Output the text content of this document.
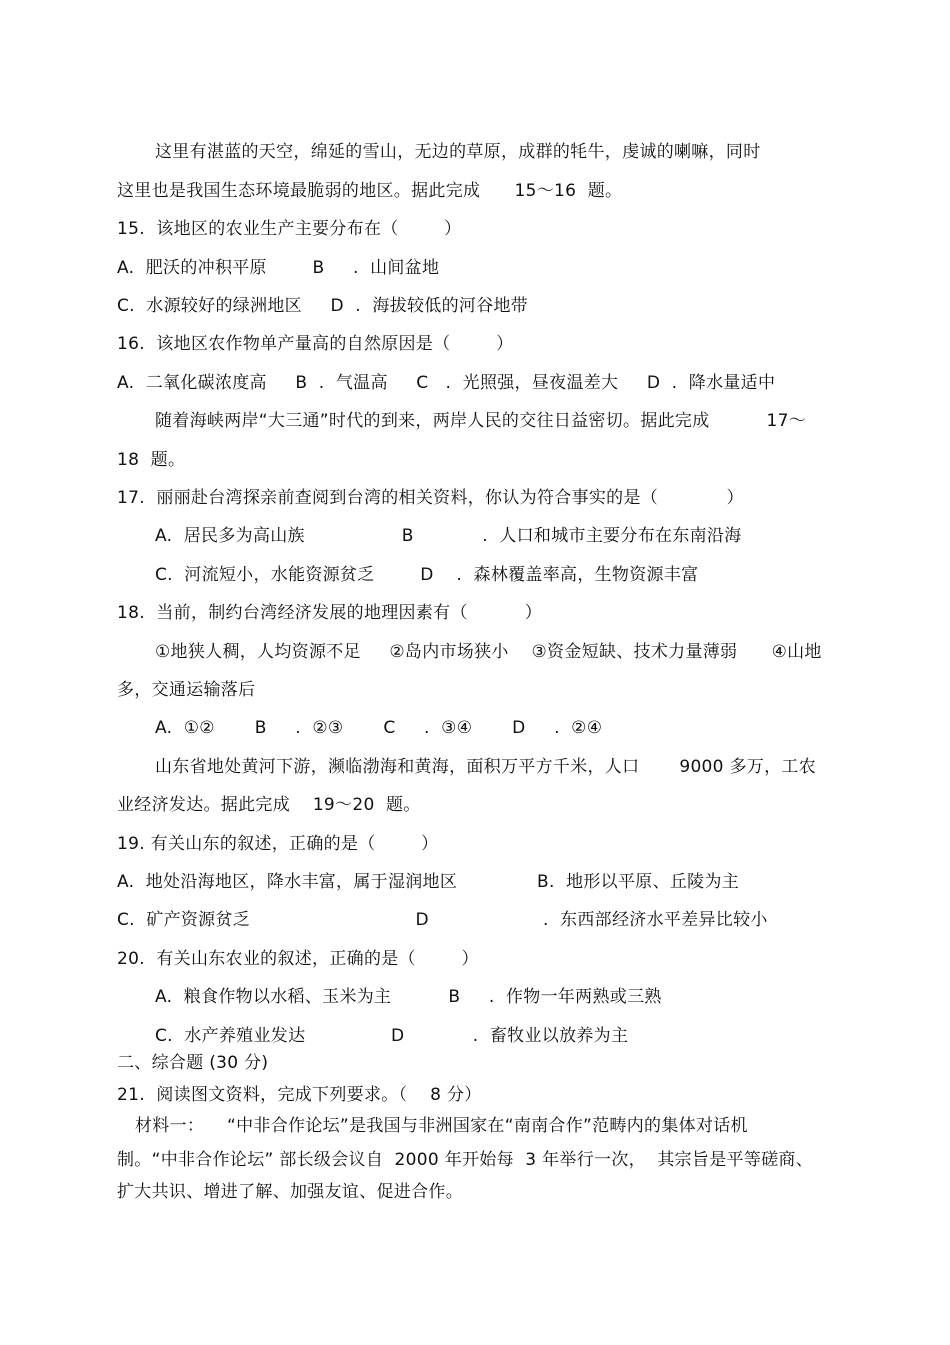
这里有湛蓝的天空，绵延的雪山，无边的草原，成群的牦牛，虔诚的喇嘛，同时
这里也是我国生态环境最脆弱的地区。据此完成      15～16  题。
15.  该地区的农业生产主要分布在（        ）
A.  肥沃的冲积平原        B     .  山间盆地
C.  水源较好的绿洲地区     D  .  海拔较低的河谷地带
16.  该地区农作物单产量高的自然原因是（        ）
A.  二氧化碳浓度高     B  .  气温高     C   .  光照强，昼夜温差大     D  .  降水量适中
随着海峡两岸“大三通”时代的到来，两岸人民的交往日益密切。据此完成          17～
18  题。
17.  丽丽赴台湾探亲前查阅到台湾的相关资料，你认为符合事实的是（            ）
A.  居民多为高山族                 B            .  人口和城市主要分布在东南沿海
C.  河流短小，水能资源贫乏        D    .  森林覆盖率高，生物资源丰富
18.  当前，制约台湾经济发展的地理因素有（          ）
①地狭人稠，人均资源不足     ②岛内市场狭小    ③资金短缺、技术力量薄弱      ④山地
多，交通运输落后
A.  ①②       B     .  ②③       C     .  ③④       D     .  ②④
山东省地处黄河下游，濒临渤海和黄海，面积万平方千米，人口       9000 多万，工农
业经济发达。据此完成    19～20  题。
19. 有关山东的叙述，正确的是（        ）
A.  地处沿海地区，降水丰富，属于湿润地区              B.  地形以平原、丘陵为主
C.  矿产资源贫乏                             D                    .  东西部经济水平差异比较小
20.  有关山东农业的叙述，正确的是（        ）
A.  粮食作物以水稻、玉米为主          B     .  作物一年两熟或三熟
C.  水产养殖业发达               D            .  畜牧业以放养为主
二、综合题 (30 分)
21.  阅读图文资料，完成下列要求。（    8 分）
材料一：    “中非合作论坛”是我国与非洲国家在“南南合作”范畴内的集体对话机
制。“中非合作论坛” 部长级会议自  2000 年开始每  3 年举行一次，  其宗旨是平等磋商、
扩大共识、增进了解、加强友谊、促进合作。
